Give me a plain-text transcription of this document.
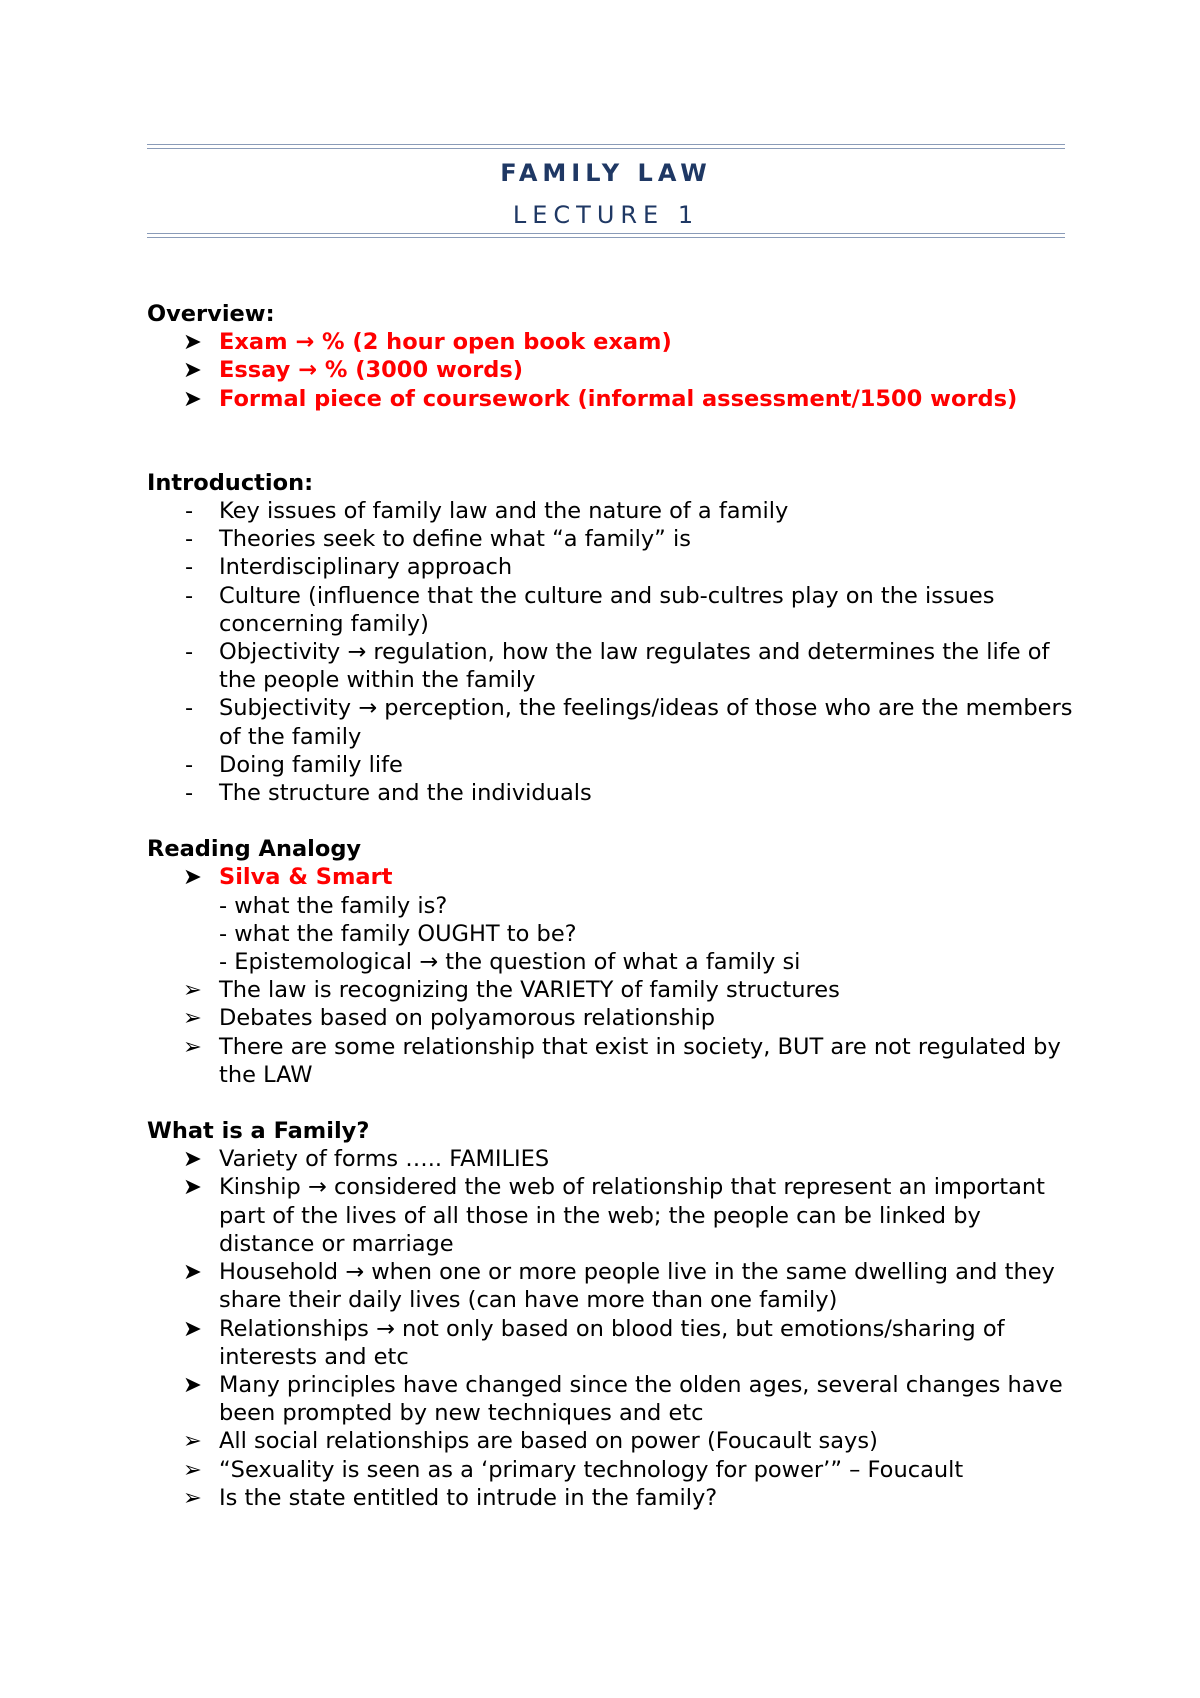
FAMILY LAW
LECTURE 1
Overview:
➤ Exam → % (2 hour open book exam)
➤ Essay → % (3000 words)
➤ Formal piece of coursework (informal assessment/1500 words)
Introduction:
- Key issues of family law and the nature of a family
- Theories seek to define what “a family” is
- Interdisciplinary approach
- Culture (influence that the culture and sub-cultres play on the issues concerning family)
- Objectivity → regulation, how the law regulates and determines the life of the people within the family
- Subjectivity → perception, the feelings/ideas of those who are the members of the family
- Doing family life
- The structure and the individuals
Reading Analogy
➤ Silva & Smart
- what the family is?
- what the family OUGHT to be?
- Epistemological → the question of what a family si
➢ The law is recognizing the VARIETY of family structures
➢ Debates based on polyamorous relationship
➢ There are some relationship that exist in society, BUT are not regulated by the LAW
What is a Family?
➤ Variety of forms ….. FAMILIES
➤ Kinship → considered the web of relationship that represent an important part of the lives of all those in the web; the people can be linked by distance or marriage
➤ Household → when one or more people live in the same dwelling and they share their daily lives (can have more than one family)
➤ Relationships → not only based on blood ties, but emotions/sharing of interests and etc
➤ Many principles have changed since the olden ages, several changes have been prompted by new techniques and etc
➢ All social relationships are based on power (Foucault says)
➢ “Sexuality is seen as a ‘primary technology for power’” – Foucault
➢ Is the state entitled to intrude in the family?
